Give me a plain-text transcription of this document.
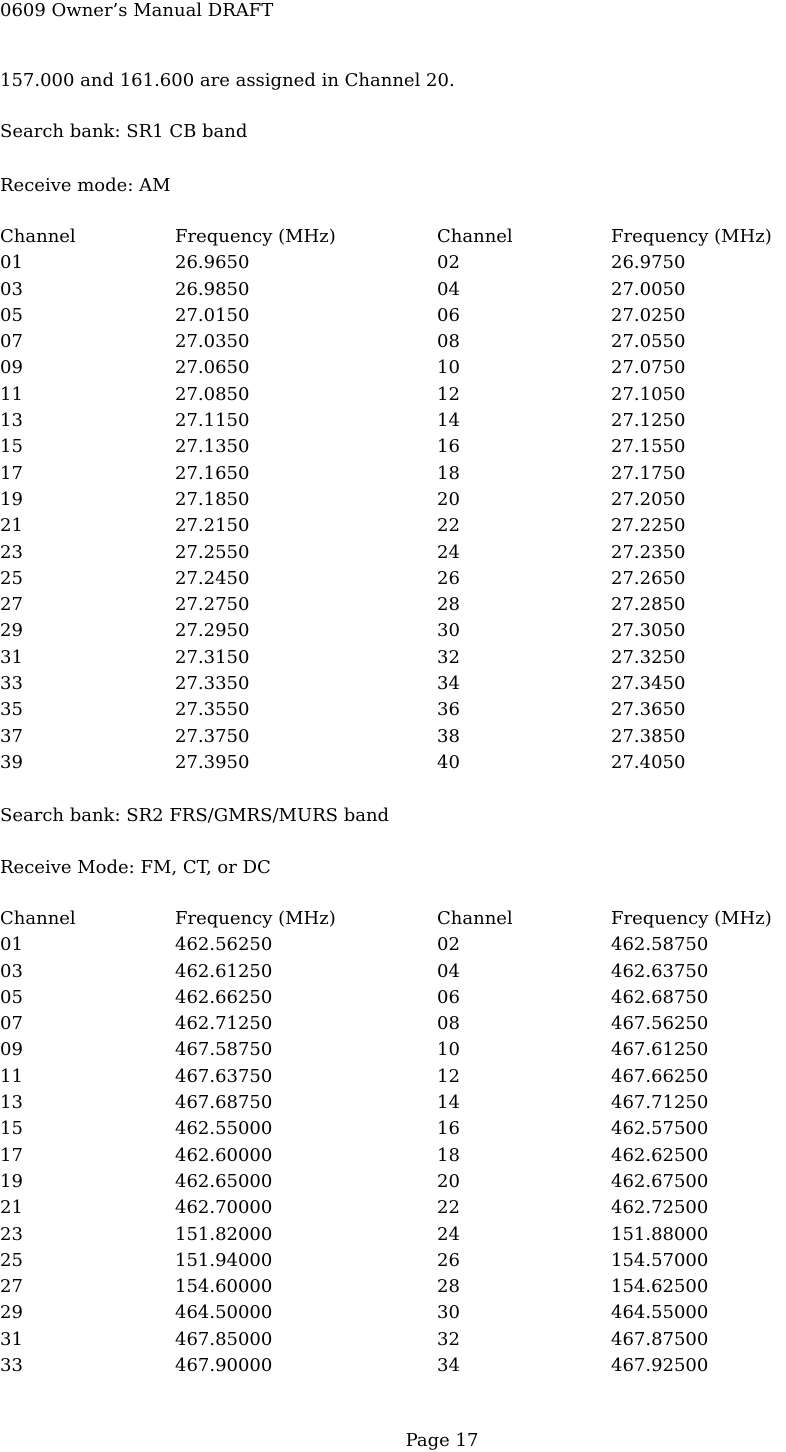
0609 Owner’s Manual DRAFT
157.000 and 161.600 are assigned in Channel 20.
Search bank: SR1 CB band
Receive mode: AM
Channel	Frequency (MHz)	Channel	Frequency (MHz)
01	26.9650	02	26.9750
03	26.9850	04	27.0050
05	27.0150	06	27.0250
07	27.0350	08	27.0550
09	27.0650	10	27.0750
11	27.0850	12	27.1050
13	27.1150	14	27.1250
15	27.1350	16	27.1550
17	27.1650	18	27.1750
19	27.1850	20	27.2050
21	27.2150	22	27.2250
23	27.2550	24	27.2350
25	27.2450	26	27.2650
27	27.2750	28	27.2850
29	27.2950	30	27.3050
31	27.3150	32	27.3250
33	27.3350	34	27.3450
35	27.3550	36	27.3650
37	27.3750	38	27.3850
39	27.3950	40	27.4050
Search bank: SR2 FRS/GMRS/MURS band
Receive Mode: FM, CT, or DC
Channel	Frequency (MHz)	Channel	Frequency (MHz)
01	462.56250	02	462.58750
03	462.61250	04	462.63750
05	462.66250	06	462.68750
07	462.71250	08	467.56250
09	467.58750	10	467.61250
11	467.63750	12	467.66250
13	467.68750	14	467.71250
15	462.55000	16	462.57500
17	462.60000	18	462.62500
19	462.65000	20	462.67500
21	462.70000	22	462.72500
23	151.82000	24	151.88000
25	151.94000	26	154.57000
27	154.60000	28	154.62500
29	464.50000	30	464.55000
31	467.85000	32	467.87500
33	467.90000	34	467.92500
Page 17
